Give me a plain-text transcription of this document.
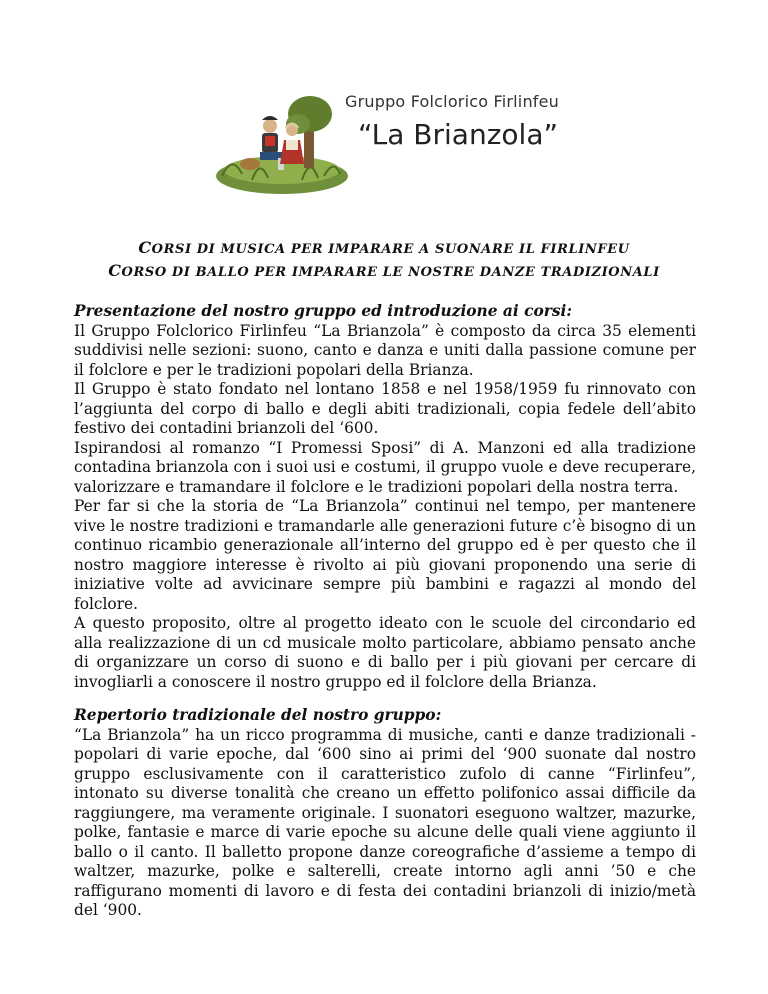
Gruppo Folclorico Firlinfeu
“La Brianzola”
CORSI DI MUSICA PER IMPARARE A SUONARE IL FIRLINFEU
CORSO DI BALLO PER IMPARARE LE NOSTRE DANZE TRADIZIONALI

Presentazione del nostro gruppo ed introduzione ai corsi:

Il Gruppo Folclorico Firlinfeu “La Brianzola” è composto da circa 35 elementi suddivisi nelle sezioni: suono, canto e danza e uniti dalla passione comune per il folclore e per le tradizioni popolari della Brianza.

Il Gruppo è stato fondato nel lontano 1858 e nel 1958/1959 fu rinnovato con l’aggiunta del corpo di ballo e degli abiti tradizionali, copia fedele dell’abito festivo dei contadini brianzoli del ‘600.

Ispirandosi al romanzo “I Promessi Sposi” di A. Manzoni ed alla tradizione contadina brianzola con i suoi usi e costumi, il gruppo vuole e deve recuperare, valorizzare e tramandare il folclore e le tradizioni popolari della nostra terra.

Per far si che la storia de “La Brianzola” continui nel tempo, per mantenere vive le nostre tradizioni e tramandarle alle generazioni future c’è bisogno di un continuo ricambio generazionale all’interno del gruppo ed è per questo che il nostro maggiore interesse è rivolto ai più giovani proponendo una serie di iniziative volte ad avvicinare sempre più bambini e ragazzi al mondo del folclore.

A questo proposito, oltre al progetto ideato con le scuole del circondario ed alla realizzazione di un cd musicale molto particolare, abbiamo pensato anche di organizzare un corso di suono e di ballo per i più giovani per cercare di invogliarli a conoscere il nostro gruppo ed il folclore della Brianza.

Repertorio tradizionale del nostro gruppo:

“La Brianzola” ha un ricco programma di musiche, canti e danze tradizionali - popolari di varie epoche, dal ‘600 sino ai primi del ‘900 suonate dal nostro gruppo esclusivamente con il caratteristico zufolo di canne “Firlinfeu”, intonato su diverse tonalità che creano un effetto polifonico assai difficile da raggiungere, ma veramente originale. I suonatori eseguono waltzer, mazurke, polke, fantasie e marce di varie epoche su alcune delle quali viene aggiunto il ballo o il canto. Il balletto propone danze coreografiche d’assieme a tempo di waltzer, mazurke, polke e salterelli, create intorno agli anni ’50 e che raffigurano momenti di lavoro e di festa dei contadini brianzoli di inizio/metà del ‘900.
